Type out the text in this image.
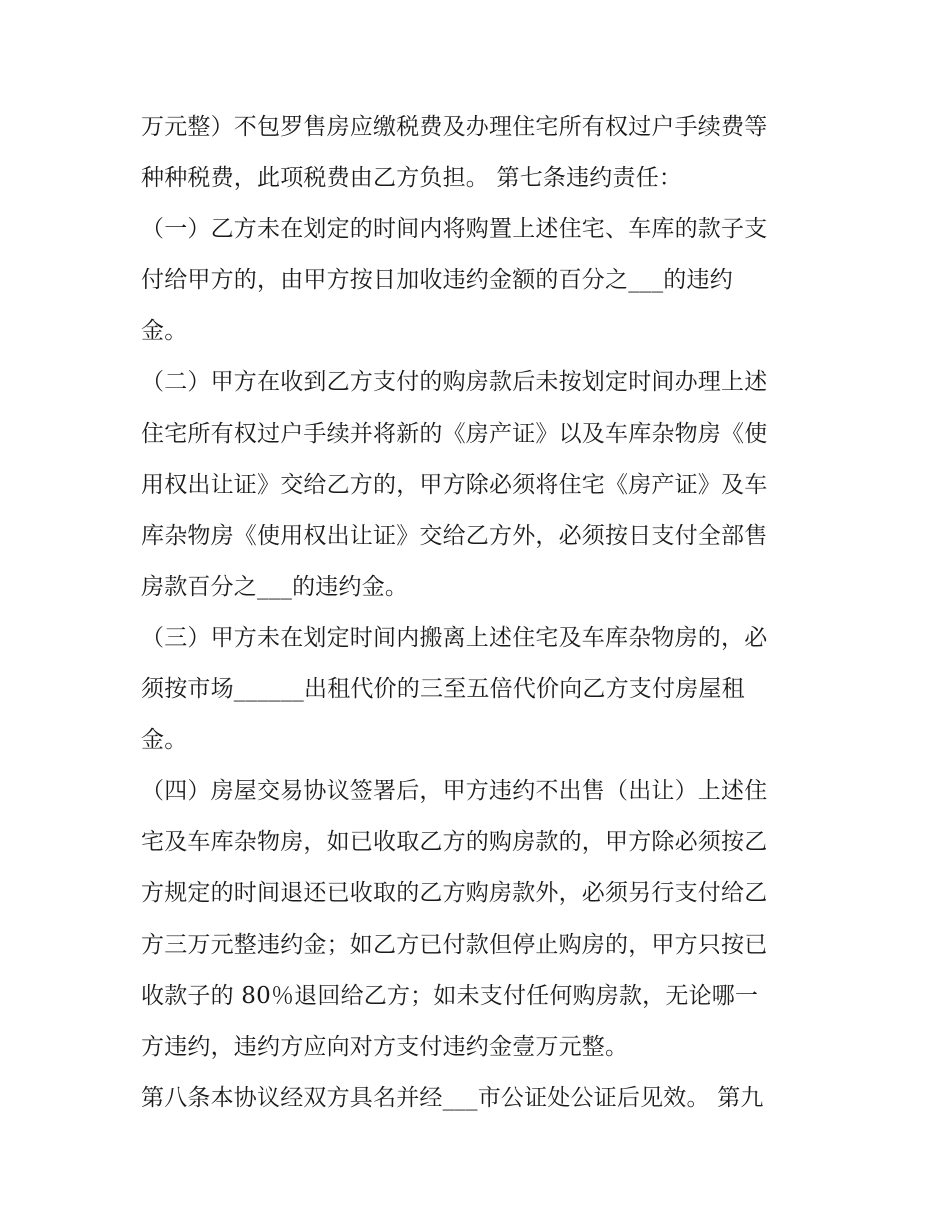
万元整）不包罗售房应缴税费及办理住宅所有权过户手续费等
种种税费，此项税费由乙方负担。 第七条违约责任：
（一）乙方未在划定的时间内将购置上述住宅、车库的款子支
付给甲方的，由甲方按日加收违约金额的百分之___的违约
金。
（二）甲方在收到乙方支付的购房款后未按划定时间办理上述
住宅所有权过户手续并将新的《房产证》以及车库杂物房《使
用权出让证》交给乙方的，甲方除必须将住宅《房产证》及车
库杂物房《使用权出让证》交给乙方外，必须按日支付全部售
房款百分之___的违约金。
（三）甲方未在划定时间内搬离上述住宅及车库杂物房的，必
须按市场______出租代价的三至五倍代价向乙方支付房屋租
金。
（四）房屋交易协议签署后，甲方违约不出售（出让）上述住
宅及车库杂物房，如已收取乙方的购房款的，甲方除必须按乙
方规定的时间退还已收取的乙方购房款外，必须另行支付给乙
方三万元整违约金；如乙方已付款但停止购房的，甲方只按已
收款子的 80％退回给乙方；如未支付任何购房款，无论哪一
方违约，违约方应向对方支付违约金壹万元整。
第八条本协议经双方具名并经___市公证处公证后见效。 第九
